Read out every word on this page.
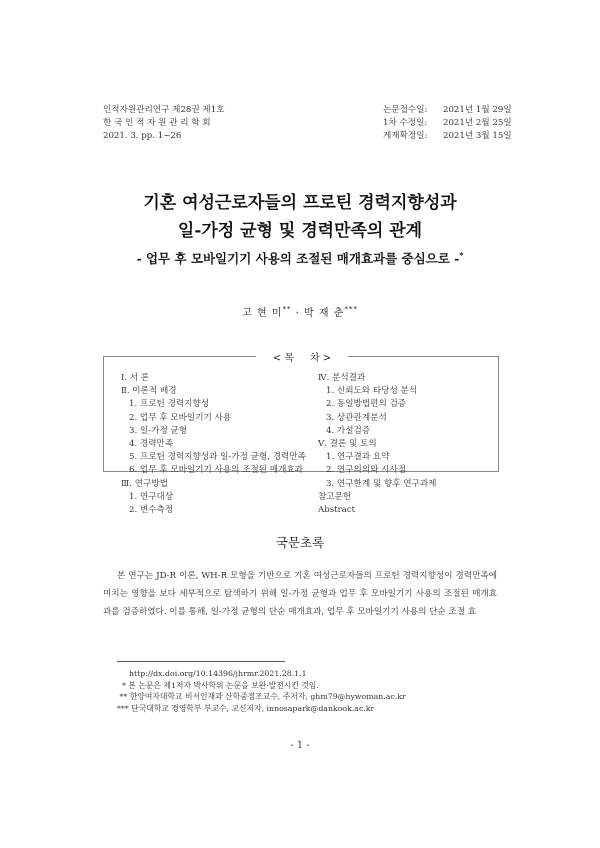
인적자원관리연구 제28권 제1호
한 국 인 적 자 원 관 리 학 회
2021. 3. pp. 1~26
논문접수일:	2021년 1월 29일
1차 수정일:	2021년 2월 25일
게재확정일:	2021년 3월 15일
기혼 여성근로자들의 프로틴 경력지향성과
일-가정 균형 및 경력만족의 관계
- 업무 후 모바일기기 사용의 조절된 매개효과를 중심으로 -*
고 현 미** · 박 재 춘***
< 목     차 >
Ⅰ. 서 론
Ⅱ. 이론적 배경
1. 프로틴 경력지향성
2. 업무 후 모바일기기 사용
3. 일-가정 균형
4. 경력만족
5. 프로틴 경력지향성과 일-가정 균형, 경력만족
6. 업무 후 모바일기기 사용의 조절된 매개효과
Ⅲ. 연구방법
1. 연구대상
2. 변수측정
Ⅳ. 분석결과
1. 신뢰도와 타당성 분석
2. 동일방법편의 검증
3. 상관관계분석
4. 가설검증
Ⅴ. 결론 및 토의
1. 연구결과 요약
2. 연구의의와 시사점
3. 연구한계 및 향후 연구과제
참고문헌
Abstract
국문초록

본 연구는 JD-R 이론, WH-R 모형을 기반으로 기혼 여성근로자들의 프로틴 경력지향성이 경력만족에 미치는 영향을 보다 세부적으로 탐색하기 위해 일-가정 균형과 업무 후 모바일기기 사용의 조절된 매개효과를 검증하였다. 이를 통해, 일-가정 균형의 단순 매개효과, 업무 후 모바일기기 사용의 단순 조절 효

http://dx.doi.org/10.14396/jhrmr.2021.28.1.1
* 본 논문은 제1저자 박사학위 논문을 보완·발전시킨 것임.
** 한양여자대학교 비서인재과 산학중점조교수, 주저자, ghm79@hywoman.ac.kr
*** 단국대학교 경영학부 부교수, 교신저자, innosapark@dankook.ac.kr
- 1 -
